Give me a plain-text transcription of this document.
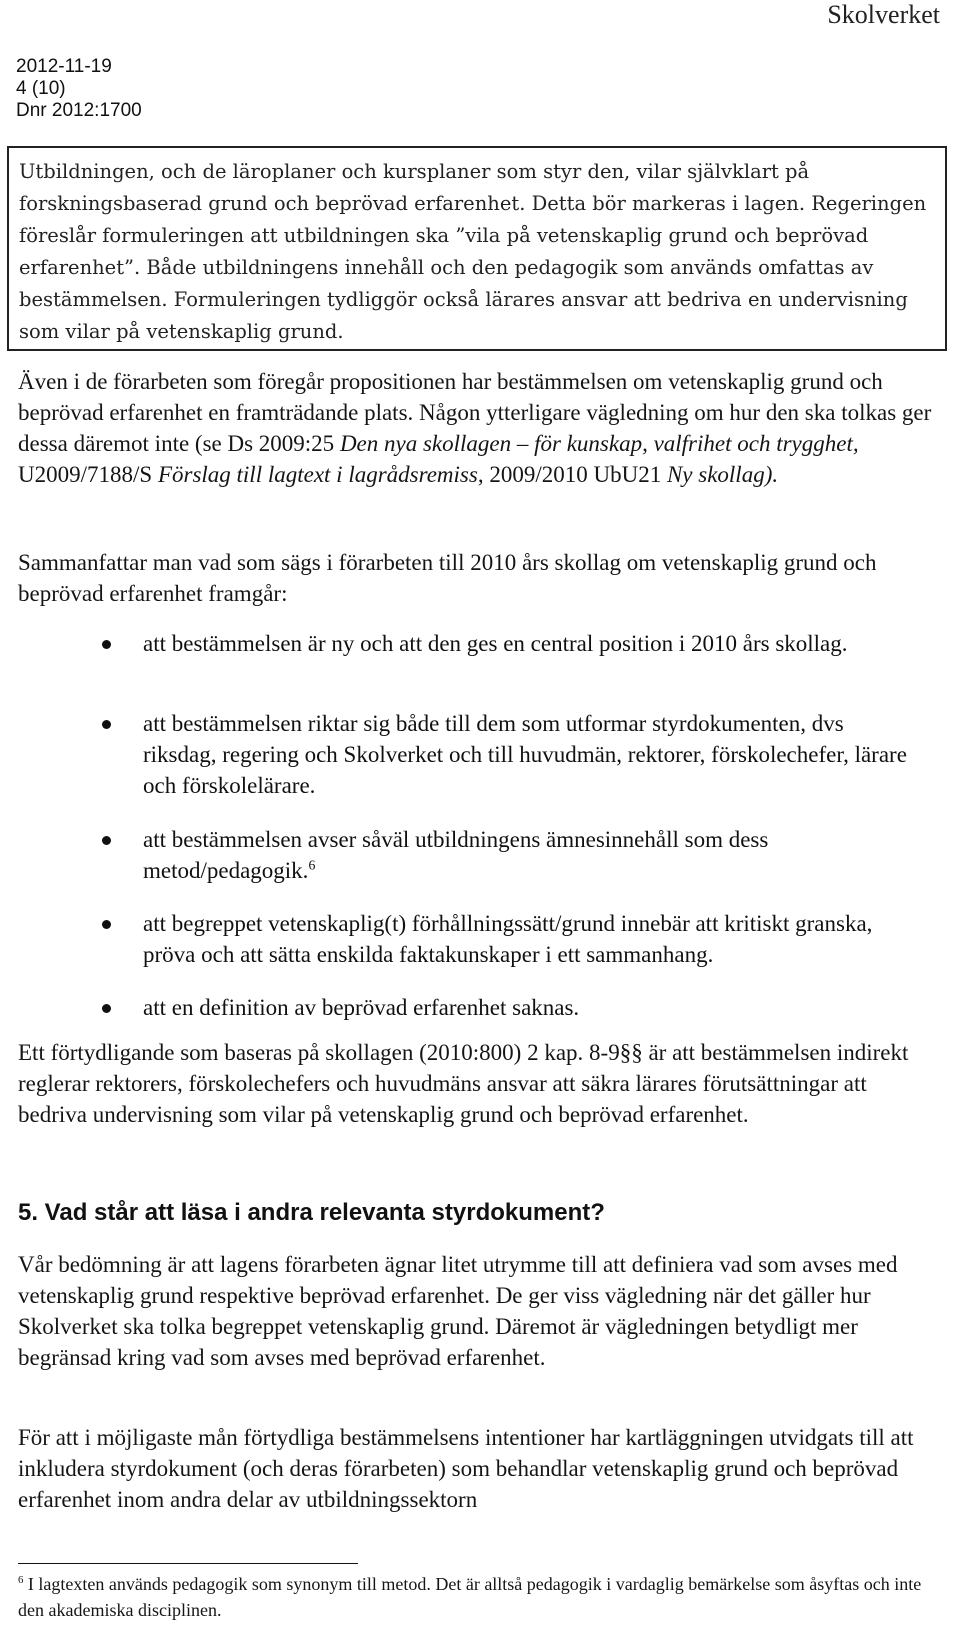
Skolverket
2012-11-19
4 (10)
Dnr 2012:1700
Utbildningen, och de läroplaner och kursplaner som styr den, vilar självklart på forskningsbaserad grund och beprövad erfarenhet. Detta bör markeras i lagen. Regeringen föreslår formuleringen att utbildningen ska ”vila på vetenskaplig grund och beprövad erfarenhet”. Både utbildningens innehåll och den pedagogik som används omfattas av bestämmelsen. Formuleringen tydliggör också lärares ansvar att bedriva en undervisning som vilar på vetenskaplig grund.

Även i de förarbeten som föregår propositionen har bestämmelsen om vetenskaplig grund och beprövad erfarenhet en framträdande plats. Någon ytterligare vägledning om hur den ska tolkas ger dessa däremot inte (se Ds 2009:25 Den nya skollagen – för kunskap, valfrihet och trygghet, U2009/7188/S Förslag till lagtext i lagrådsremiss, 2009/2010 UbU21 Ny skollag).

Sammanfattar man vad som sägs i förarbeten till 2010 års skollag om vetenskaplig grund och beprövad erfarenhet framgår:

att bestämmelsen är ny och att den ges en central position i 2010 års skollag.
att bestämmelsen riktar sig både till dem som utformar styrdokumenten, dvs riksdag, regering och Skolverket och till huvudmän, rektorer, förskolechefer, lärare och förskolelärare.
att bestämmelsen avser såväl utbildningens ämnesinnehåll som dess metod/pedagogik.$^6$
att begreppet vetenskaplig(t) förhållningssätt/grund innebär att kritiskt granska, pröva och att sätta enskilda faktakunskaper i ett sammanhang.
att en definition av beprövad erfarenhet saknas.

Ett förtydligande som baseras på skollagen (2010:800) 2 kap. 8-9§§ är att bestämmelsen indirekt reglerar rektorers, förskolechefers och huvudmäns ansvar att säkra lärares förutsättningar att bedriva undervisning som vilar på vetenskaplig grund och beprövad erfarenhet.

5. Vad står att läsa i andra relevanta styrdokument?

Vår bedömning är att lagens förarbeten ägnar litet utrymme till att definiera vad som avses med vetenskaplig grund respektive beprövad erfarenhet. De ger viss vägledning när det gäller hur Skolverket ska tolka begreppet vetenskaplig grund. Däremot är vägledningen betydligt mer begränsad kring vad som avses med beprövad erfarenhet.

För att i möjligaste mån förtydliga bestämmelsens intentioner har kartläggningen utvidgats till att inkludera styrdokument (och deras förarbeten) som behandlar vetenskaplig grund och beprövad erfarenhet inom andra delar av utbildningssektorn

$^6$ I lagtexten används pedagogik som synonym till metod. Det är alltså pedagogik i vardaglig bemärkelse som åsyftas och inte den akademiska disciplinen.
